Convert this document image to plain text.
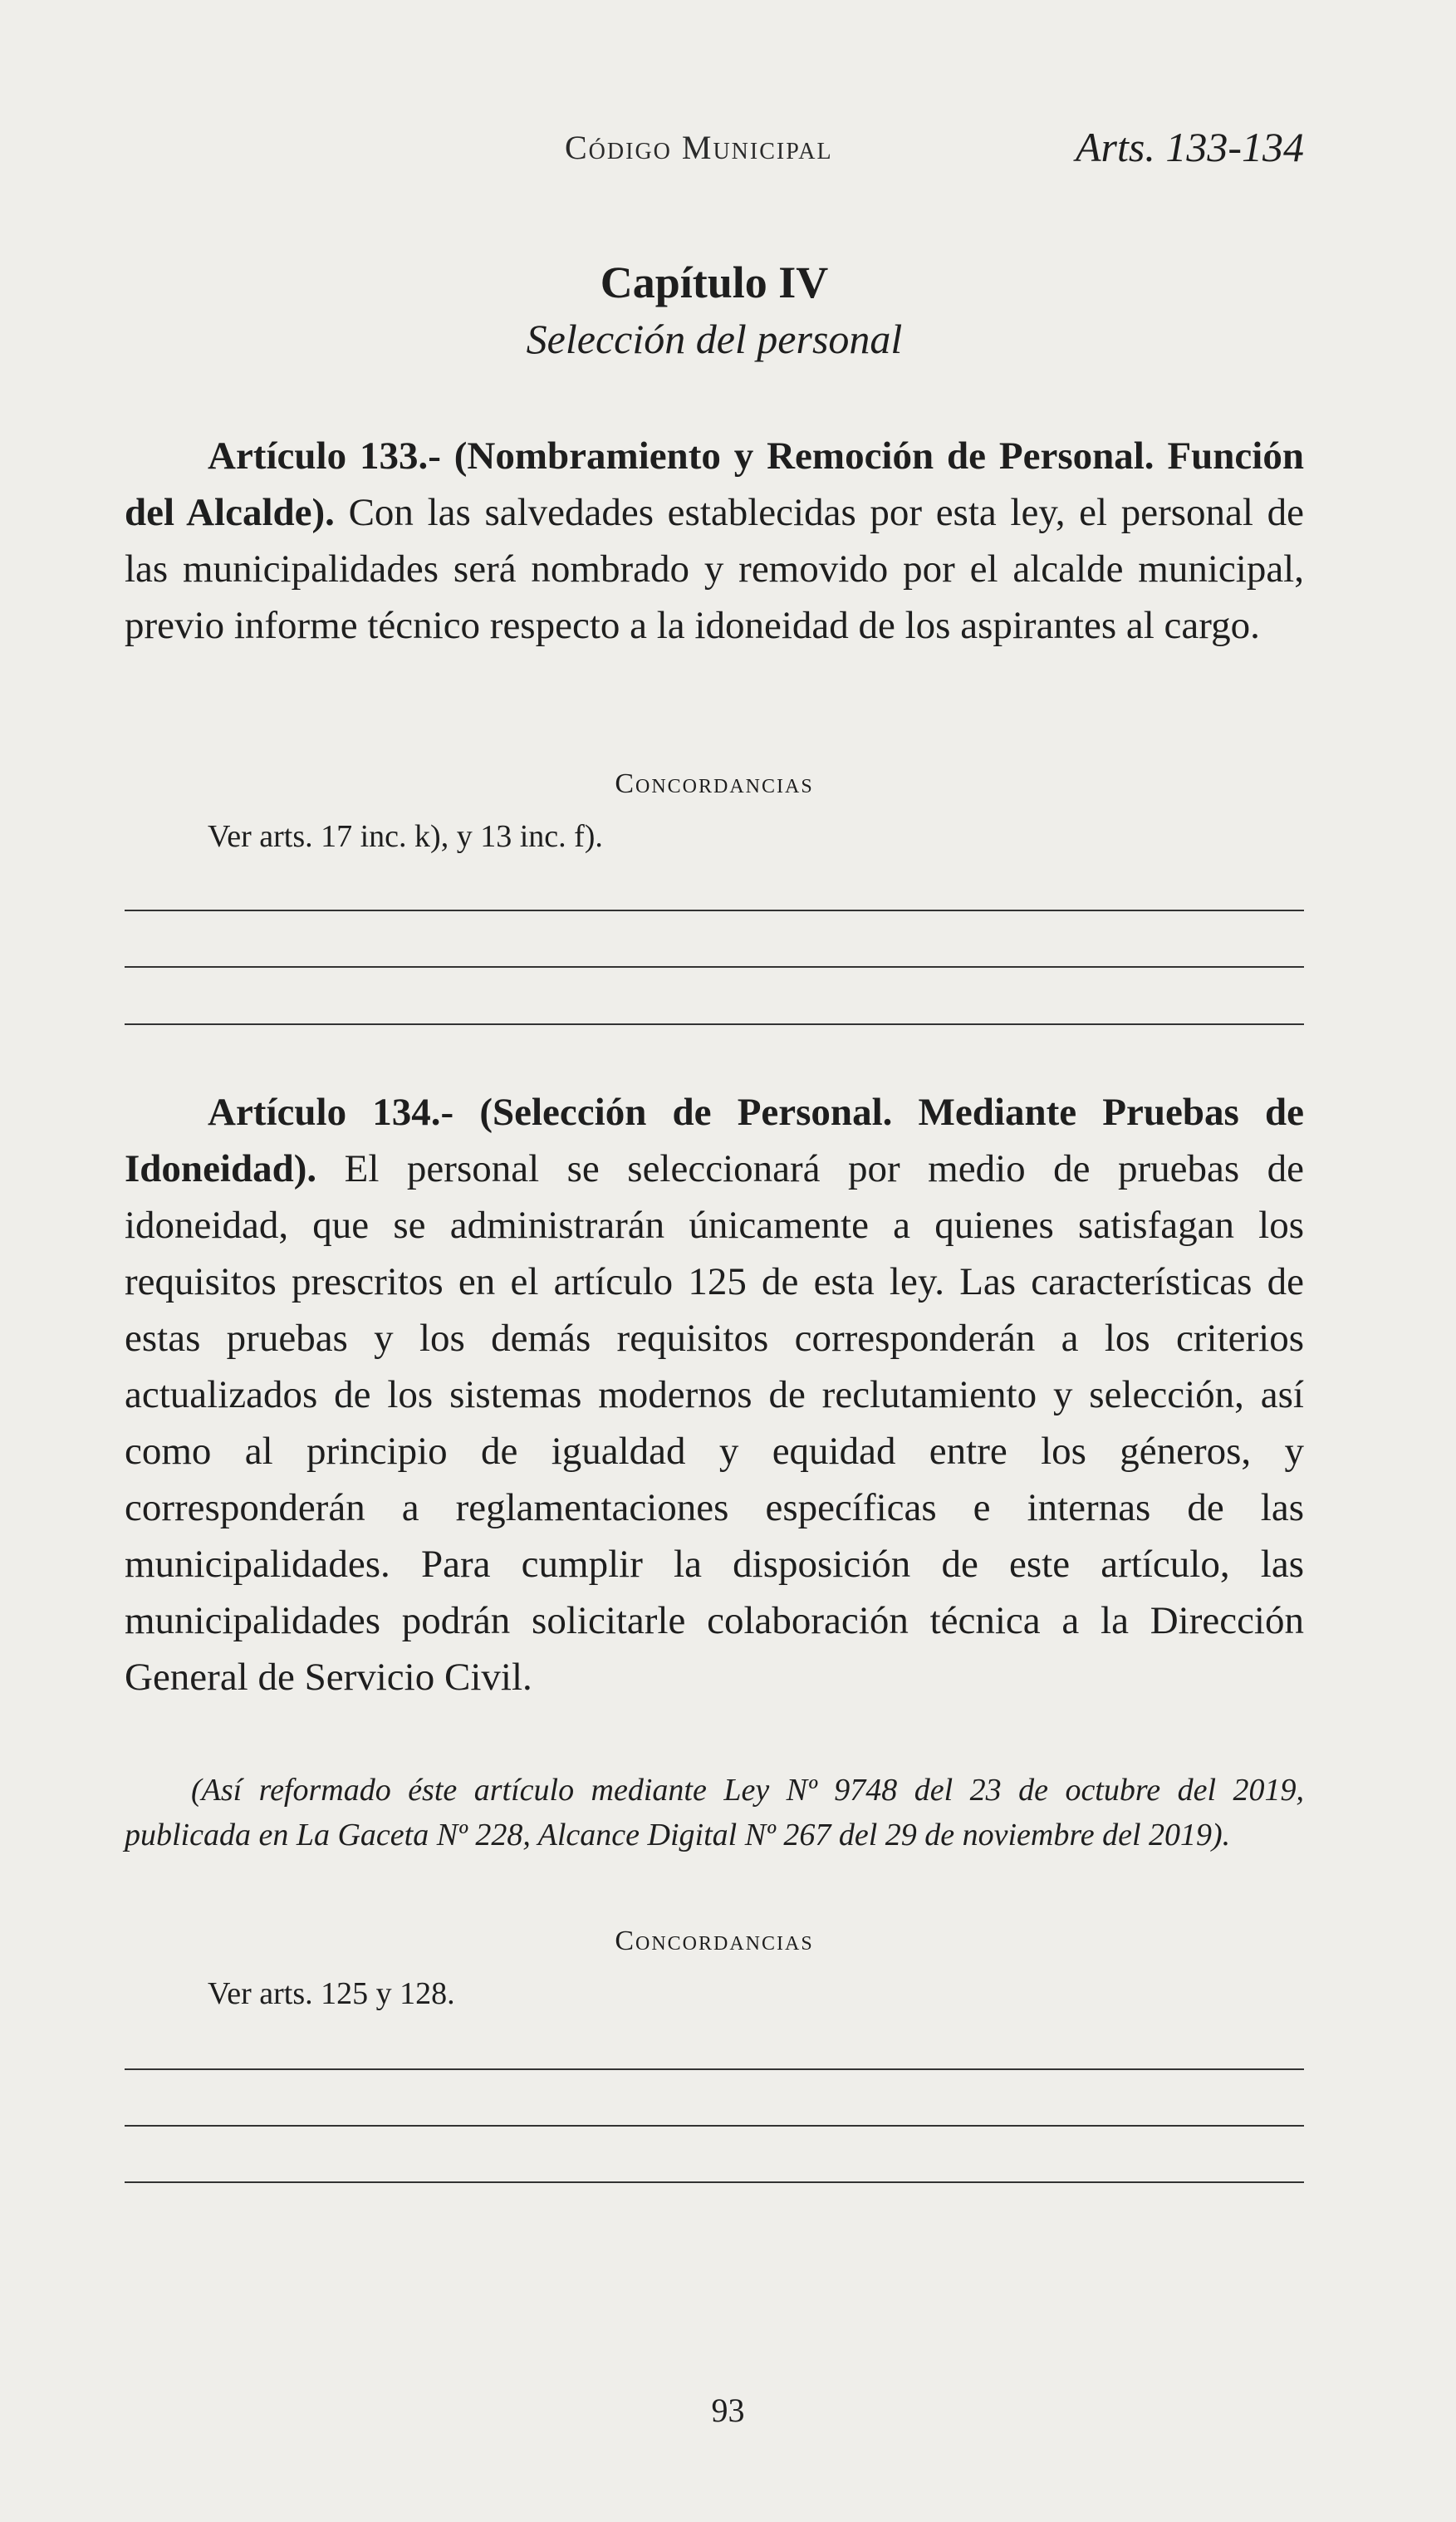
Código Municipal	Arts. 133-134
Capítulo IV
Selección del personal
Artículo 133.- (Nombramiento y Remoción de Personal. Función del Alcalde). Con las salvedades establecidas por esta ley, el personal de las municipalidades será nombrado y removido por el alcalde municipal, previo informe técnico respecto a la idoneidad de los aspirantes al cargo.
Concordancias
Ver arts. 17 inc. k), y 13 inc. f).
Artículo 134.- (Selección de Personal. Mediante Pruebas de Idoneidad). El personal se seleccionará por medio de pruebas de idoneidad, que se administrarán únicamente a quienes satisfagan los requisitos prescritos en el artículo 125 de esta ley. Las características de estas pruebas y los demás requisitos corresponderán a los criterios actualizados de los sistemas modernos de reclutamiento y selección, así como al principio de igualdad y equidad entre los géneros, y corresponderán a reglamentaciones específicas e internas de las municipalidades. Para cumplir la disposición de este artículo, las municipalidades podrán solicitarle colaboración técnica a la Dirección General de Servicio Civil.
(Así reformado éste artículo mediante Ley Nº 9748 del 23 de octubre del 2019, publicada en La Gaceta Nº 228, Alcance Digital Nº 267 del 29 de noviembre del 2019).
Concordancias
Ver arts. 125 y 128.
93
